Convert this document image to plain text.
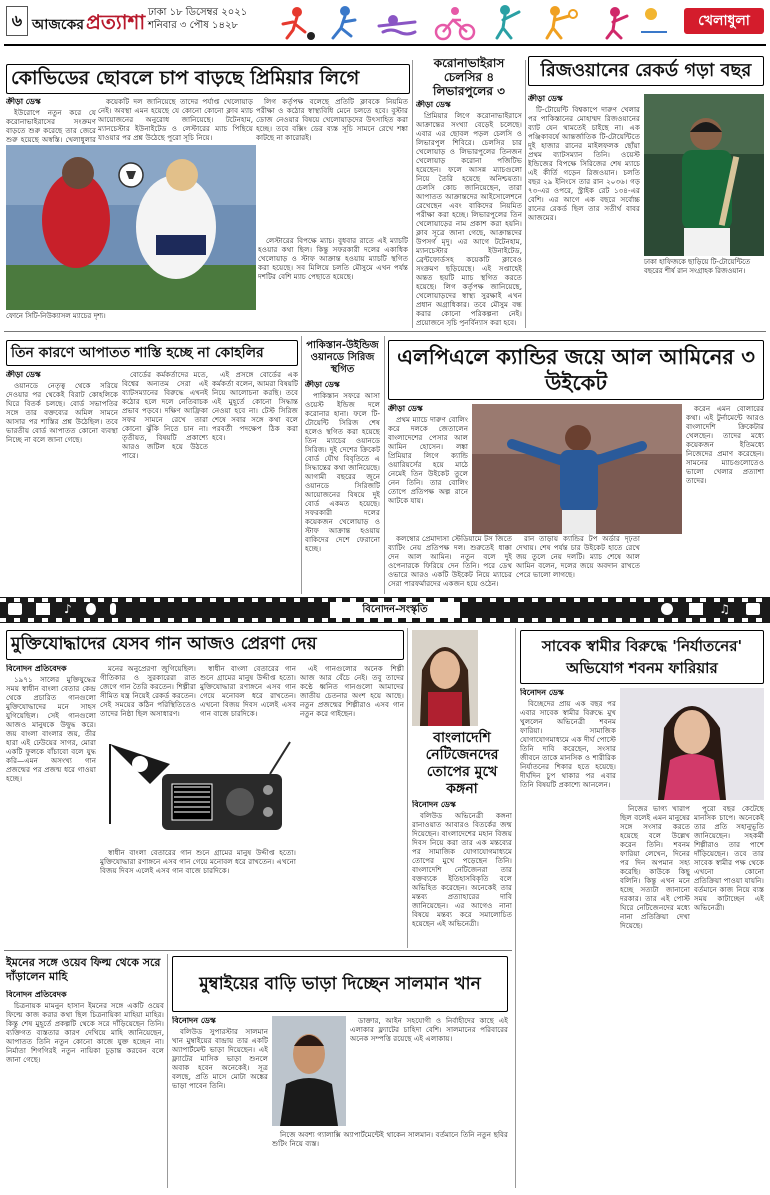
৬ আজকের প্রত্যাশা ঢাকা ১৮ ডিসেম্বর ২০২১
শনিবার ৩ পৌষ ১৪২৮	খেলাধুলা
কোভিডের ছোবলে চাপ বাড়ছে প্রিমিয়ার লিগে
ক্রীড়া ডেস্ক

ইউরোপে নতুন করে যে করোনাভাইরাসের সংক্রমণ বাড়তে শুরু করেছে তার জেরে শুরু হয়েছে অস্বস্তি। খেলাধুলার

কয়েকটি দল জানিয়েছে তাদের পর্যাপ্ত খেলোয়াড় নেই। অবস্থা এমন হয়েছে যে কোনো কোনো ক্লাব ম্যাচ আয়োজনের অনুরোধ জানিয়েছে। টটেনহাম, ম্যানচেস্টার ইউনাইটেড ও লেস্টারের ম্যাচ পিছিয়ে যাওয়ার পর প্রশ্ন উঠেছে পুরো সূচি নিয়ে।

লিগ কর্তৃপক্ষ বলেছে প্রতিটি ক্লাবকে নিয়মিত পরীক্ষা ও কঠোর স্বাস্থ্যবিধি মেনে চলতে হবে। বুস্টার ডোজ নেওয়ার বিষয়ে খেলোয়াড়দের উৎসাহিত করা হচ্ছে। তবে বক্সিং ডের ব্যস্ত সূচি সামনে রেখে শঙ্কা কাটছে না কারোরই।

ফোনে সিটি-নিউক্যাসল ম্যাচের দৃশ্য।

লেস্টারের বিপক্ষে ম্যাচ। বুধবার রাতে এই ম্যাচটি হওয়ার কথা ছিল। কিন্তু সফরকারী দলের একাধিক খেলোয়াড় ও স্টাফ আক্রান্ত হওয়ায় ম্যাচটি স্থগিত করা হয়েছে। সব মিলিয়ে চলতি মৌসুমে এখন পর্যন্ত দশটির বেশি ম্যাচ পেছাতে হয়েছে।

করোনাভাইরাস চেলসির ৪ লিভারপুলের ৩
ক্রীড়া ডেস্ক

প্রিমিয়ার লিগে করোনাভাইরাসে আক্রান্তের সংখ্যা বেড়েই চলেছে। এবার এর ছোবল পড়ল চেলসি ও লিভারপুল শিবিরে। চেলসির চার খেলোয়াড় ও লিভারপুলের তিনজন খেলোয়াড় করোনা পজিটিভ হয়েছেন। ফলে আসন্ন ম্যাচগুলো নিয়ে তৈরি হয়েছে অনিশ্চয়তা। চেলসি কোচ জানিয়েছেন, তারা আপাতত আক্রান্তদের আইসোলেশনে রেখেছেন এবং বাকিদের নিয়মিত পরীক্ষা করা হচ্ছে। লিভারপুলের তিন খেলোয়াড়ের নাম প্রকাশ করা হয়নি। ক্লাব সূত্রে জানা গেছে, আক্রান্তদের উপসর্গ মৃদু। এর আগে টটেনহাম, ম্যানচেস্টার ইউনাইটেড, ব্রেন্টফোর্ডসহ কয়েকটি ক্লাবেও সংক্রমণ ছড়িয়েছে। এই সপ্তাহেই অন্তত ছয়টি ম্যাচ স্থগিত করতে হয়েছে। লিগ কর্তৃপক্ষ জানিয়েছে, খেলোয়াড়দের স্বাস্থ্য সুরক্ষাই এখন প্রধান অগ্রাধিকার। তবে মৌসুম বন্ধ করার কোনো পরিকল্পনা নেই। প্রয়োজনে সূচি পুনর্বিন্যাস করা হবে।

রিজওয়ানের রেকর্ড গড়া বছর
ক্রীড়া ডেস্ক

টি-টোয়েন্টি বিশ্বকাপে দারুণ খেলার পর পাকিস্তানের মোহাম্মদ রিজওয়ানের ব্যাট যেন থামতেই চাইছে না। এক পঞ্জিকাবর্ষে আন্তর্জাতিক টি-টোয়েন্টিতে দুই হাজার রানের মাইলফলক ছোঁয়া প্রথম ব্যাটসম্যান তিনি। ওয়েস্ট ইন্ডিজের বিপক্ষে সিরিজের শেষ ম্যাচে এই কীর্তি গড়েন রিজওয়ান। চলতি বছর ২৯ ইনিংসে তার রান ২০৩৬। গড় ৭৩-এর ওপরে, স্ট্রাইক রেট ১৩৪-এর বেশি। এর আগে এক বছরে সর্বোচ্চ রানের রেকর্ড ছিল তার সতীর্থ বাবর আজমের।

ঢাকা হাফিজকে ছাড়িয়ে টি-টোয়েন্টিতে বছরের শীর্ষ রান সংগ্রাহক রিজওয়ান।
তিন কারণে আপাতত শাস্তি হচ্ছে না কোহলির
ক্রীড়া ডেস্ক

ওয়ানডে নেতৃত্ব থেকে সরিয়ে দেওয়ার পর থেকেই বিরাট কোহলিকে ঘিরে বিতর্ক চলছে। বোর্ড সভাপতির সঙ্গে তার বক্তব্যের অমিল সামনে আসার পর শাস্তির প্রশ্ন উঠেছিল। তবে ভারতীয় বোর্ড আপাতত কোনো ব্যবস্থা নিচ্ছে না বলে জানা গেছে।

বোর্ডের কর্মকর্তাদের মতে, বিশ্বের অন্যতম সেরা এই ব্যাটসম্যানের বিরুদ্ধে এখনই কঠোর হলে দলে নেতিবাচক প্রভাব পড়বে। দক্ষিণ আফ্রিকা সফর সামনে রেখে তারা কোনো ঝুঁকি নিতে চান না। তৃতীয়ত, বিষয়টি প্রকাশ্যে আরও জটিল হয়ে উঠতে পারে।

এই প্রসঙ্গে বোর্ডের এক কর্মকর্তা বলেন, আমরা বিষয়টি নিয়ে আলোচনা করছি। তবে এই মুহূর্তে কোনো সিদ্ধান্ত নেওয়া হবে না। টেস্ট সিরিজ শেষে সবার সঙ্গে কথা বলে পরবর্তী পদক্ষেপ ঠিক করা হবে।

পাকিস্তান-উইন্ডিজ ওয়ানডে সিরিজ স্থগিত
ক্রীড়া ডেস্ক

পাকিস্তান সফরে আসা ওয়েস্ট ইন্ডিজ দলে করোনার হানা। ফলে টি-টোয়েন্টি সিরিজ শেষ হলেও স্থগিত করা হয়েছে তিন ম্যাচের ওয়ানডে সিরিজ। দুই দেশের ক্রিকেট বোর্ড যৌথ বিবৃতিতে এ সিদ্ধান্তের কথা জানিয়েছে। আগামী বছরের জুনে ওয়ানডে সিরিজটি আয়োজনের বিষয়ে দুই বোর্ড একমত হয়েছে। সফরকারী দলের কয়েকজন খেলোয়াড় ও স্টাফ আক্রান্ত হওয়ায় বাকিদের দেশে ফেরানো হচ্ছে।

এলপিএলে ক্যান্ডির জয়ে আল আমিনের ৩ উইকেট
ক্রীড়া ডেস্ক

প্রথম ম্যাচে দারুণ বোলিং করে দলকে জেতালেন বাংলাদেশের পেসার আল আমিন হোসেন। লঙ্কা প্রিমিয়ার লিগে ক্যান্ডি ওয়ারিয়র্সের হয়ে মাঠে নেমেই তিন উইকেট তুলে নেন তিনি। তার বোলিং তোপে প্রতিপক্ষ অল্প রানে আটকে যায়।

কলম্বোর প্রেমাদাসা স্টেডিয়ামে টস জিতে ব্যাটিং নেয় প্রতিপক্ষ দল। শুরুতেই ধাক্কা দেন আল আমিন। নতুন বলে দুই ওপেনারকে ফিরিয়ে দেন তিনি। পরে ডেথ ওভারে আরও একটি উইকেট নিয়ে ম্যাচের সেরা পারফর্মারদের একজন হয়ে ওঠেন।

রান তাড়ায় ক্যান্ডির টপ অর্ডার দৃঢ়তা দেখায়। শেষ পর্যন্ত চার উইকেট হাতে রেখে জয় তুলে নেয় দলটি। ম্যাচ শেষে আল আমিন বলেন, দলের জয়ে অবদান রাখতে পেরে ভালো লাগছে।

করেন এমন বোলারের কথা। এই টুর্নামেন্টে আরও বাংলাদেশি ক্রিকেটার খেলছেন। তাদের মধ্যে কয়েকজন ইতিমধ্যে নিজেদের প্রমাণ করেছেন। সামনের ম্যাচগুলোতেও ভালো খেলার প্রত্যাশা তাদের।

♪	বিনোদন-সংস্কৃতি	♫
মুক্তিযোদ্ধাদের যেসব গান আজও প্রেরণা দেয়
বিনোদন প্রতিবেদক

১৯৭১ সালের মুক্তিযুদ্ধের সময় স্বাধীন বাংলা বেতার কেন্দ্র থেকে প্রচারিত গানগুলো মুক্তিযোদ্ধাদের মনে সাহস যুগিয়েছিল। সেই গানগুলো আজও মানুষকে উদ্বুদ্ধ করে। জয় বাংলা বাংলার জয়, তীর হারা এই ঢেউয়ের সাগর, মোরা একটি ফুলকে বাঁচাবো বলে যুদ্ধ করি—এমন অসংখ্য গান প্রজন্মের পর প্রজন্ম ধরে গাওয়া হচ্ছে।

মনের অনুপ্রেরণা জুগিয়েছিল। গীতিকার ও সুরকারেরা রাত জেগে গান তৈরি করতেন। শিল্পীরা সীমিত যন্ত্র নিয়েই রেকর্ড করতেন। সেই সময়ের কঠিন পরিস্থিতিতেও তাদের নিষ্ঠা ছিল অসাধারণ।

স্বাধীন বাংলা বেতারের গান শুনে গ্রামের মানুষ উদ্দীপ্ত হতো। মুক্তিযোদ্ধারা রণাঙ্গনে এসব গান গেয়ে মনোবল ধরে রাখতেন। এখনো বিজয় দিবস এলেই এসব গান বাজে চারদিকে।

এই গানগুলোর অনেক শিল্পী আজ আর বেঁচে নেই। তবু তাদের কণ্ঠে ধ্বনিত গানগুলো আমাদের জাতীয় চেতনার অংশ হয়ে আছে। নতুন প্রজন্মের শিল্পীরাও এসব গান নতুন করে গাইছেন।

স্বাধীন বাংলা বেতারের গান শুনে গ্রামের মানুষ উদ্দীপ্ত হতো। মুক্তিযোদ্ধারা রণাঙ্গনে এসব গান গেয়ে মনোবল ধরে রাখতেন। এখনো বিজয় দিবস এলেই এসব গান বাজে চারদিকে।

বাংলাদেশি নেটিজেনদের তোপের মুখে কঙ্গনা
বিনোদন ডেস্ক

বলিউড অভিনেত্রী কঙ্গনা রানাওয়াত আবারও বিতর্কের জন্ম দিয়েছেন। বাংলাদেশের মহান বিজয় দিবস নিয়ে করা তার এক মন্তব্যের পর সামাজিক যোগাযোগমাধ্যমে তোপের মুখে পড়েছেন তিনি। বাংলাদেশি নেটিজেনরা তার বক্তব্যকে ইতিহাসবিকৃতি বলে অভিহিত করেছেন। অনেকেই তার মন্তব্য প্রত্যাহারের দাবি জানিয়েছেন। এর আগেও নানা বিষয়ে মন্তব্য করে সমালোচিত হয়েছেন এই অভিনেত্রী।

সাবেক স্বামীর বিরুদ্ধে 'নির্যাতনের' অভিযোগ শবনম ফারিয়ার
বিনোদন ডেস্ক

বিচ্ছেদের প্রায় এক বছর পর এবার সাবেক স্বামীর বিরুদ্ধে মুখ খুললেন অভিনেত্রী শবনম ফারিয়া। সামাজিক যোগাযোগমাধ্যমে এক দীর্ঘ পোস্টে তিনি দাবি করেছেন, সংসার জীবনে তাকে মানসিক ও শারীরিক নির্যাতনের শিকার হতে হয়েছে। দীর্ঘদিন চুপ থাকার পর এবার তিনি বিষয়টি প্রকাশ্যে আনলেন।

নিজের ভাগ্য খারাপ ছিল বলেই এমন মানুষের সঙ্গে সংসার করতে হয়েছে বলে উল্লেখ করেন তিনি। শবনম ফারিয়া লেখেন, দিনের পর দিন অপমান সহ্য করেছি। কাউকে কিছু বলিনি। কিন্তু এখন মনে হচ্ছে সত্যটা জানানো দরকার। তার এই পোস্ট ঘিরে নেটিজেনদের মধ্যে নানা প্রতিক্রিয়া দেখা দিয়েছে।

পুরো বছর কেটেছে মানসিক চাপে। অনেকেই তার প্রতি সহানুভূতি জানিয়েছেন। সহকর্মী শিল্পীরাও তার পাশে দাঁড়িয়েছেন। তবে তার সাবেক স্বামীর পক্ষ থেকে এখনো কোনো প্রতিক্রিয়া পাওয়া যায়নি। বর্তমানে কাজ নিয়ে ব্যস্ত সময় কাটাচ্ছেন এই অভিনেত্রী।

ইমনের সঙ্গে ওয়েব ফিল্ম থেকে সরে দাঁড়ালেন মাহি
বিনোদন প্রতিবেদক

চিত্রনায়ক মামনুন হাসান ইমনের সঙ্গে একটি ওয়েব ফিল্মে কাজ করার কথা ছিল চিত্রনায়িকা মাহিয়া মাহির। কিন্তু শেষ মুহূর্তে প্রকল্পটি থেকে সরে দাঁড়িয়েছেন তিনি। ব্যক্তিগত ব্যস্ততার কারণ দেখিয়ে মাহি জানিয়েছেন, আপাতত তিনি নতুন কোনো কাজে যুক্ত হচ্ছেন না। নির্মাতা শিগগিরই নতুন নায়িকা চূড়ান্ত করবেন বলে জানা গেছে।

মুম্বাইয়ের বাড়ি ভাড়া দিচ্ছেন সালমান খান
বিনোদন ডেস্ক

বলিউড সুপারস্টার সালমান খান মুম্বাইয়ের বান্দ্রায় তার একটি অ্যাপার্টমেন্ট ভাড়া দিয়েছেন। এই ফ্ল্যাটের মাসিক ভাড়া শুনলে অবাক হবেন অনেকেই। সূত্র বলছে, প্রতি মাসে মোটা অঙ্কের ভাড়া পাবেন তিনি।

ডাক্তার, আইন সহযোগী ও নির্বাহীদের কাছে এই এলাকার ফ্ল্যাটের চাহিদা বেশি। সালমানের পরিবারের অনেক সম্পত্তি রয়েছে এই এলাকায়।

নিজে অবশ্য গ্যালাক্সি অ্যাপার্টমেন্টেই থাকেন সালমান। বর্তমানে তিনি নতুন ছবির শুটিং নিয়ে ব্যস্ত।
